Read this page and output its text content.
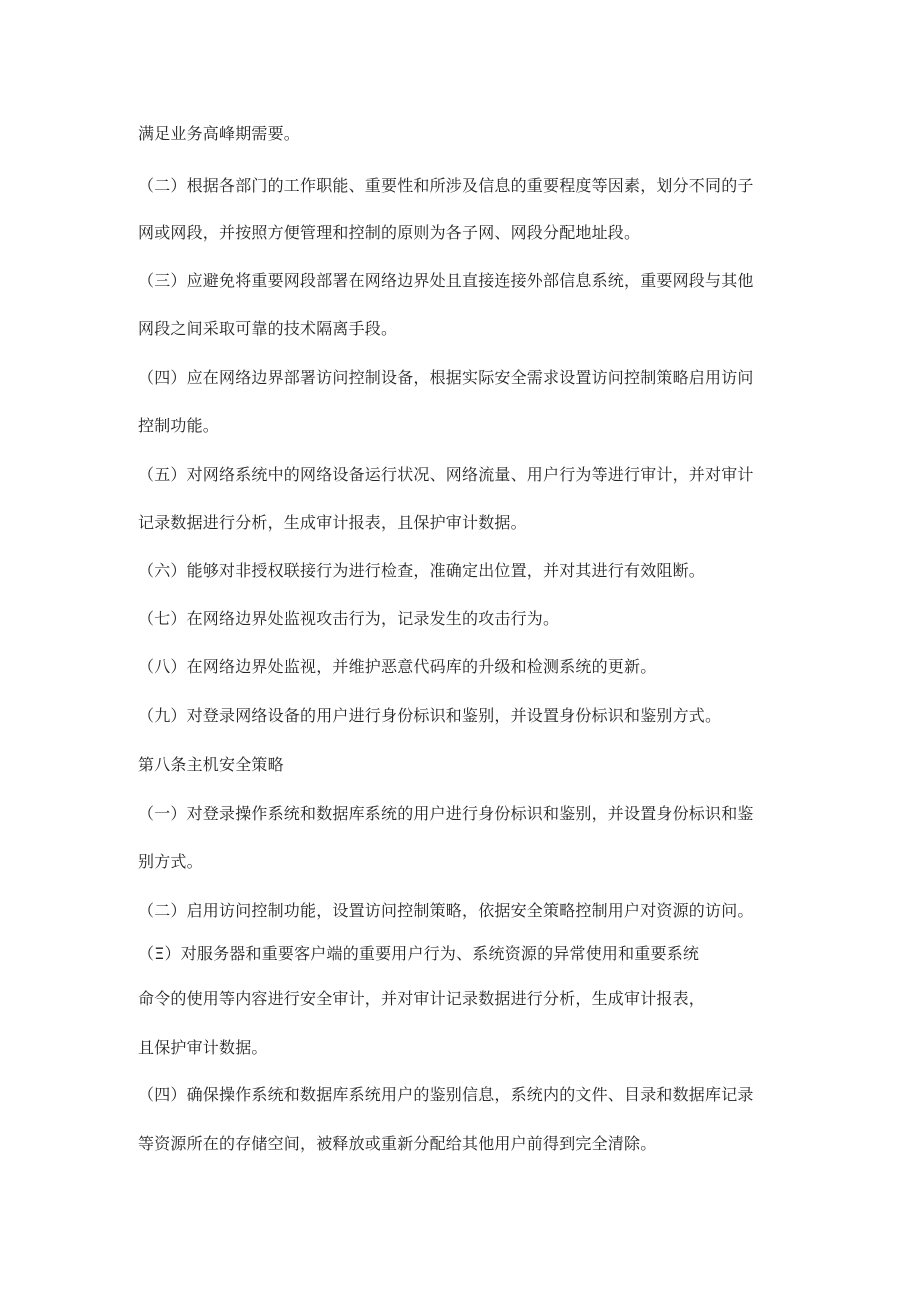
满足业务高峰期需要。

（二）根据各部门的工作职能、重要性和所涉及信息的重要程度等因素，划分不同的子

网或网段，并按照方便管理和控制的原则为各子网、网段分配地址段。

（三）应避免将重要网段部署在网络边界处且直接连接外部信息系统，重要网段与其他

网段之间采取可靠的技术隔离手段。

（四）应在网络边界部署访问控制设备，根据实际安全需求设置访问控制策略启用访问

控制功能。

（五）对网络系统中的网络设备运行状况、网络流量、用户行为等进行审计，并对审计

记录数据进行分析，生成审计报表，且保护审计数据。

（六）能够对非授权联接行为进行检查，准确定出位置，并对其进行有效阻断。

（七）在网络边界处监视攻击行为，记录发生的攻击行为。

（八）在网络边界处监视，并维护恶意代码库的升级和检测系统的更新。

（九）对登录网络设备的用户进行身份标识和鉴别，并设置身份标识和鉴别方式。

第八条主机安全策略

（一）对登录操作系统和数据库系统的用户进行身份标识和鉴别，并设置身份标识和鉴

别方式。

（二）启用访问控制功能，设置访问控制策略，依据安全策略控制用户对资源的访问。

（Ξ）对服务器和重要客户端的重要用户行为、系统资源的异常使用和重要系统

命令的使用等内容进行安全审计，并对审计记录数据进行分析，生成审计报表，

且保护审计数据。

（四）确保操作系统和数据库系统用户的鉴别信息，系统内的文件、目录和数据库记录

等资源所在的存储空间，被释放或重新分配给其他用户前得到完全清除。
